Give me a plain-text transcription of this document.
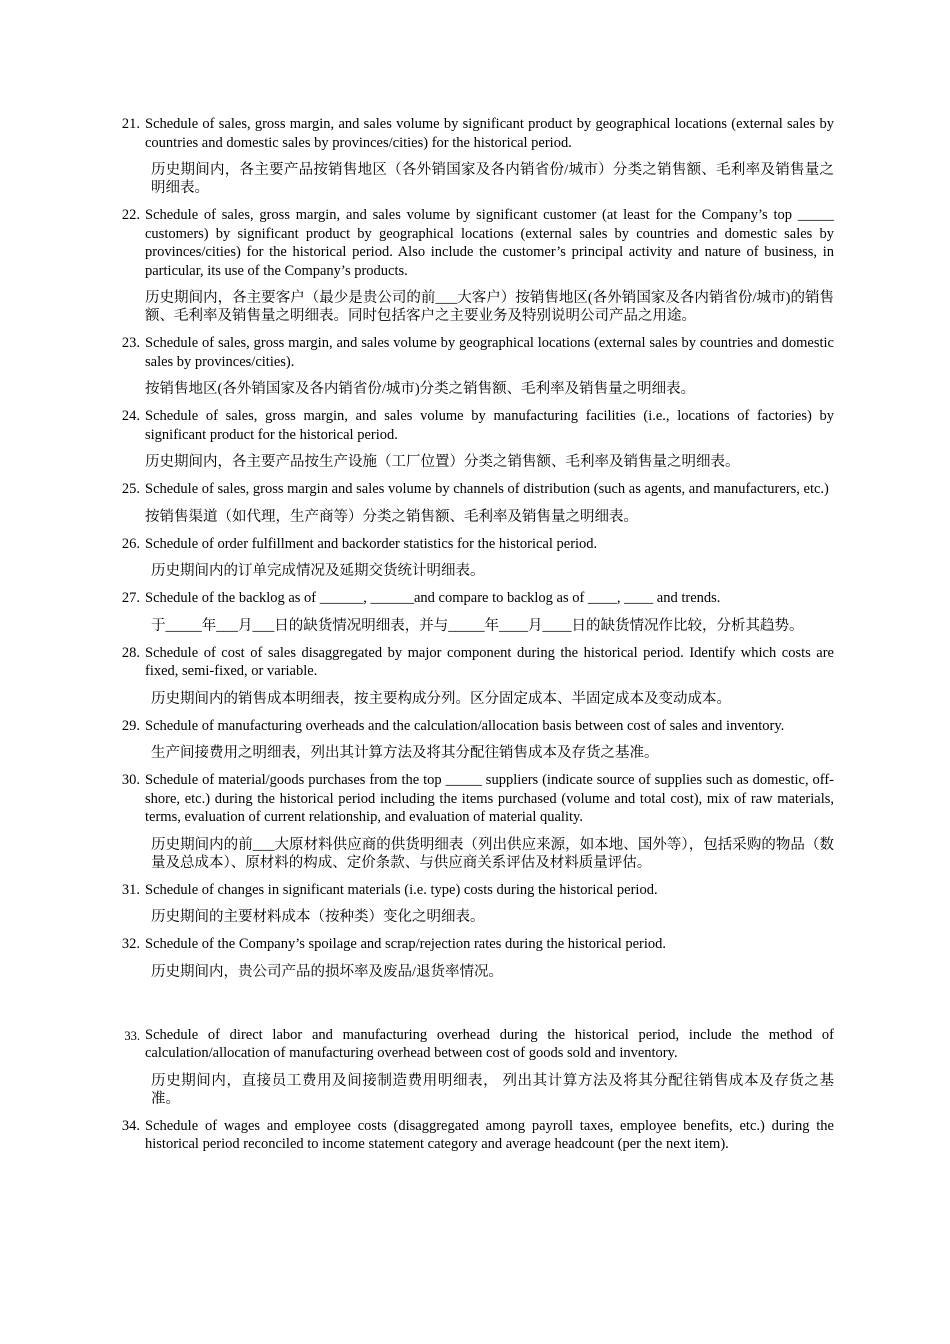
21. Schedule of sales, gross margin, and sales volume by significant product by geographical locations (external sales by countries and domestic sales by provinces/cities) for the historical period.

历史期间内，各主要产品按销售地区（各外销国家及各内销省份/城市）分类之销售额、毛利率及销售量之明细表。

22. Schedule of sales, gross margin, and sales volume by significant customer (at least for the Company’s top _____ customers) by significant product by geographical locations (external sales by countries and domestic sales by provinces/cities) for the historical period. Also include the customer’s principal activity and nature of business, in particular, its use of the Company’s products.

历史期间内，各主要客户（最少是贵公司的前___大客户）按销售地区(各外销国家及各内销省份/城市)的销售额、毛利率及销售量之明细表。同时包括客户之主要业务及特别说明公司产品之用途。

23. Schedule of sales, gross margin, and sales volume by geographical locations (external sales by countries and domestic sales by provinces/cities).

按销售地区(各外销国家及各内销省份/城市)分类之销售额、毛利率及销售量之明细表。

24. Schedule of sales, gross margin, and sales volume by manufacturing facilities (i.e., locations of factories) by significant product for the historical period.

历史期间内，各主要产品按生产设施（工厂位置）分类之销售额、毛利率及销售量之明细表。

25. Schedule of sales, gross margin and sales volume by channels of distribution (such as agents, and manufacturers, etc.)

按销售渠道（如代理，生产商等）分类之销售额、毛利率及销售量之明细表。

26. Schedule of order fulfillment and backorder statistics for the historical period.

历史期间内的订单完成情况及延期交货统计明细表。

27. Schedule of the backlog as of ______, ______and compare to backlog as of ____, ____ and trends.

于_____年___月___日的缺货情况明细表，并与_____年____月____日的缺货情况作比较，分析其趋势。

28. Schedule of cost of sales disaggregated by major component during the historical period. Identify which costs are fixed, semi-fixed, or variable.

历史期间内的销售成本明细表，按主要构成分列。区分固定成本、半固定成本及变动成本。

29. Schedule of manufacturing overheads and the calculation/allocation basis between cost of sales and inventory.

生产间接费用之明细表，列出其计算方法及将其分配往销售成本及存货之基准。

30. Schedule of material/goods purchases from the top _____ suppliers (indicate source of supplies such as domestic, off-shore, etc.) during the historical period including the items purchased (volume and total cost), mix of raw materials, terms, evaluation of current relationship, and evaluation of material quality.

历史期间内的前___大原材料供应商的供货明细表（列出供应来源，如本地、国外等），包括采购的物品（数量及总成本）、原材料的构成、定价条款、与供应商关系评估及材料质量评估。

31. Schedule of changes in significant materials (i.e. type) costs during the historical period.

历史期间的主要材料成本（按种类）变化之明细表。

32. Schedule of the Company’s spoilage and scrap/rejection rates during the historical period.

历史期间内，贵公司产品的损坏率及废品/退货率情况。

33. Schedule of direct labor and manufacturing overhead during the historical period, include the method of calculation/allocation of manufacturing overhead between cost of goods sold and inventory.

历史期间内，直接员工费用及间接制造费用明细表， 列出其计算方法及将其分配往销售成本及存货之基准。

34. Schedule of wages and employee costs (disaggregated among payroll taxes, employee benefits, etc.) during the historical period reconciled to income statement category and average headcount (per the next item).
